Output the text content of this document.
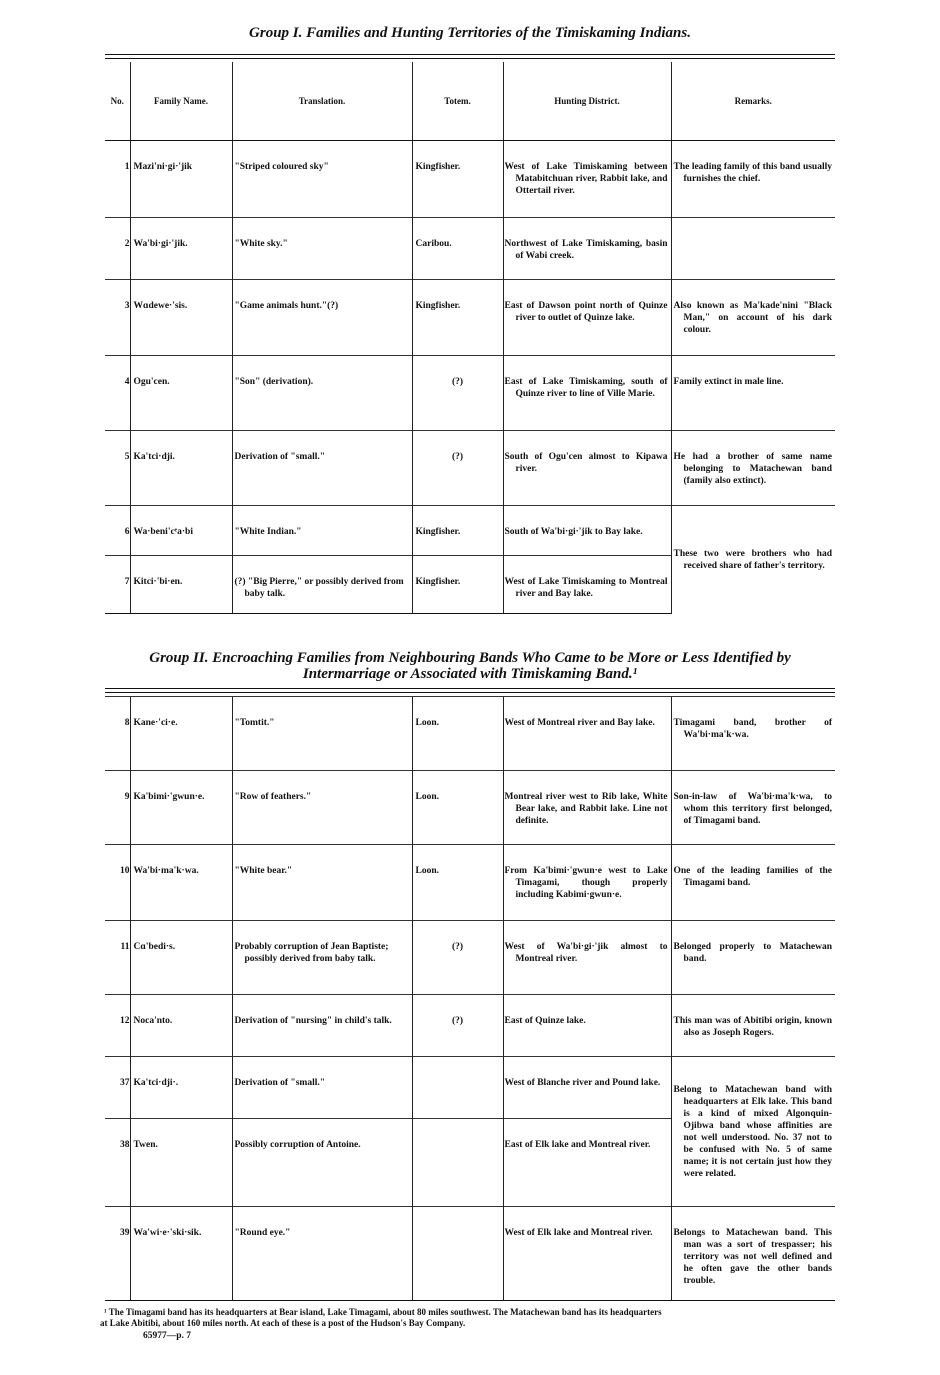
Group I. Families and Hunting Territories of the Timiskaming Indians.
No.	Family Name.	Translation.	Totem.	Hunting District.	Remarks.
1	Mazi'ni·gi·'jik	"Striped coloured sky"	Kingfisher.	West of Lake Timiskaming between Matabitchuan river, Rabbit lake, and Ottertail river.	The leading family of this band usually furnishes the chief.
2	Wa'bi·gi·'jik.	"White sky."	Caribou.	Northwest of Lake Timiskaming, basin of Wabi creek.	
3	Wɑdewe·'sis.	"Game animals hunt."(?)	Kingfisher.	East of Dawson point north of Quinze river to outlet of Quinze lake.	Also known as Ma'kade'nini "Black Man," on account of his dark colour.
4	Ogu'cen.	"Son" (derivation).	(?)	East of Lake Timiskaming, south of Quinze river to line of Ville Marie.	Family extinct in male line.
5	Ka'tci·dji.	Derivation of "small."	(?)	South of Ogu'cen almost to Kipawa river.	He had a brother of same name belonging to Matachewan band (family also extinct).
6	Wa·beni'cᵉa·bi	"White Indian."	Kingfisher.	South of Wa'bi·gi·'jik to Bay lake.	These two were brothers who had received share of father's territory.
7	Kitci·'bi·en.	(?) "Big Pierre," or possibly derived from baby talk.	Kingfisher.	West of Lake Timiskaming to Montreal river and Bay lake.	
Group II. Encroaching Families from Neighbouring Bands Who Came to be More or Less Identified by
Intermarriage or Associated with Timiskaming Band.¹

8	Kane·'ci·e.	"Tomtit."	Loon.	West of Montreal river and Bay lake.	Timagami band, brother of Wa'bi·ma'k·wa.
9	Ka'bimi·'gwun·e.	"Row of feathers."	Loon.	Montreal river west to Rib lake, White Bear lake, and Rabbit lake. Line not definite.	Son-in-law of Wa'bi·ma'k·wa, to whom this territory first belonged, of Timagami band.
10	Wa'bi·ma'k·wa.	"White bear."	Loon.	From Ka'bimi·'gwun·e west to Lake Timagami, though properly including Kabimi·gwun·e.	One of the leading families of the Timagami band.
11	Cɑ'bedi·s.	Probably corruption of Jean Baptiste; possibly derived from baby talk.	(?)	West of Wa'bi·gi·'jik almost to Montreal river.	Belonged properly to Matachewan band.
12	Noca'nto.	Derivation of "nursing" in child's talk.	(?)	East of Quinze lake.	This man was of Abitibi origin, known also as Joseph Rogers.
37	Ka'tci·dji·.	Derivation of "small."		West of Blanche river and Pound lake.	Belong to Matachewan band with headquarters at Elk lake. This band is a kind of mixed Algonquin-Ojibwa band whose affinities are not well understood. No. 37 not to be confused with No. 5 of same name; it is not certain just how they were related.
38	Twen.	Possibly corruption of Antoine.		East of Elk lake and Montreal river.	
39	Wa'wi·e·'ski·sik.	"Round eye."		West of Elk lake and Montreal river.	Belongs to Matachewan band. This man was a sort of trespasser; his territory was not well defined and he often gave the other bands trouble.
¹ The Timagami band has its headquarters at Bear island, Lake Timagami, about 80 miles southwest. The Matachewan band has its headquarters
at Lake Abitibi, about 160 miles north. At each of these is a post of the Hudson's Bay Company.
65977—p. 7
